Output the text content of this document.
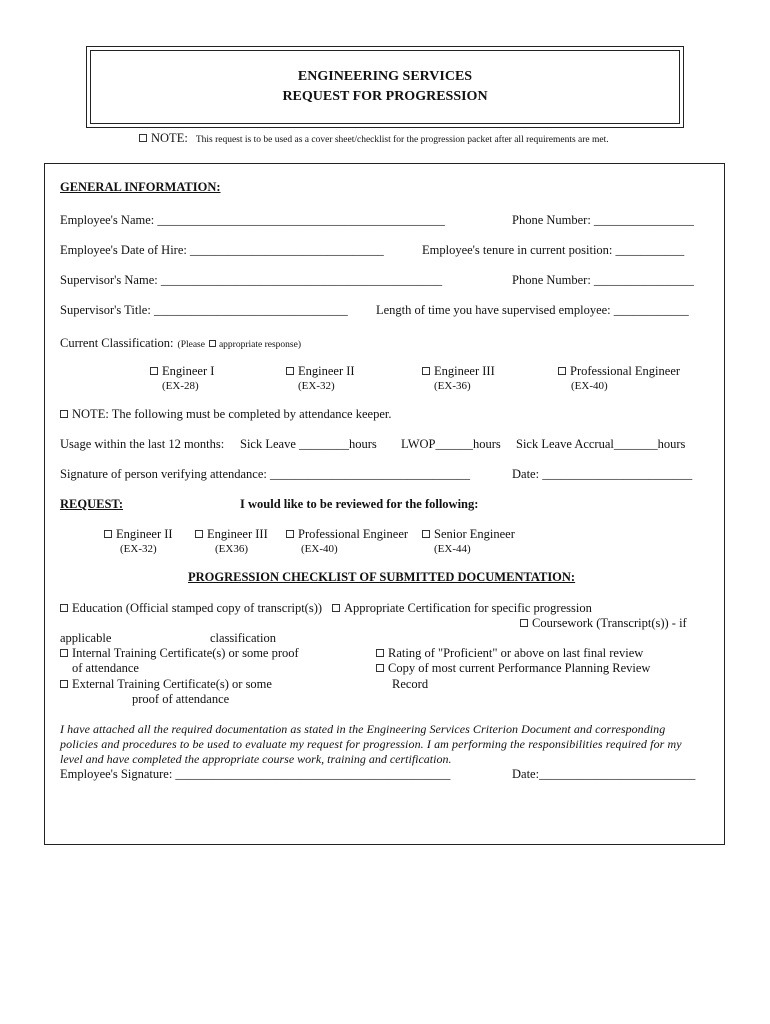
ENGINEERING SERVICES
REQUEST FOR PROGRESSION
NOTE: This request is to be used as a cover sheet/checklist for the progression packet after all requirements are met.
GENERAL INFORMATION:
Employee's Name: ______________________________________________	Phone Number: ________________
Employee's Date of Hire: _______________________________	Employee's tenure in current position: ___________
Supervisor's Name: _____________________________________________	Phone Number: ________________
Supervisor's Title: _______________________________ Length of time you have supervised employee: ____________
Current Classification: (Please appropriate response)
Engineer I
(EX-28)
Engineer II
(EX-32)
Engineer III
(EX-36)
Professional Engineer
(EX-40)
NOTE: The following must be completed by attendance keeper.
Usage within the last 12 months: Sick Leave ________hours LWOP______hours Sick Leave Accrual_______hours
Signature of person verifying attendance: ________________________________	Date: ________________________
REQUEST:	I would like to be reviewed for the following:
Engineer II
(EX-32)
Engineer III
(EX36)
Professional Engineer
(EX-40)
Senior Engineer
(EX-44)
PROGRESSION CHECKLIST OF SUBMITTED DOCUMENTATION:
Education (Official stamped copy of transcript(s))	Appropriate Certification for specific progression
Coursework (Transcript(s)) - if
applicable	classification
Internal Training Certificate(s) or some proof
of attendance
Rating of "Proficient" or above on last final review
Copy of most current Performance Planning Review
Record
External Training Certificate(s) or some
proof of attendance
I have attached all the required documentation as stated in the Engineering Services Criterion Document and corresponding
policies and procedures to be used to evaluate my request for progression. I am performing the responsibilities required for my
level and have completed the appropriate course work, training and certification.
Employee's Signature: ____________________________________________	Date:_________________________
